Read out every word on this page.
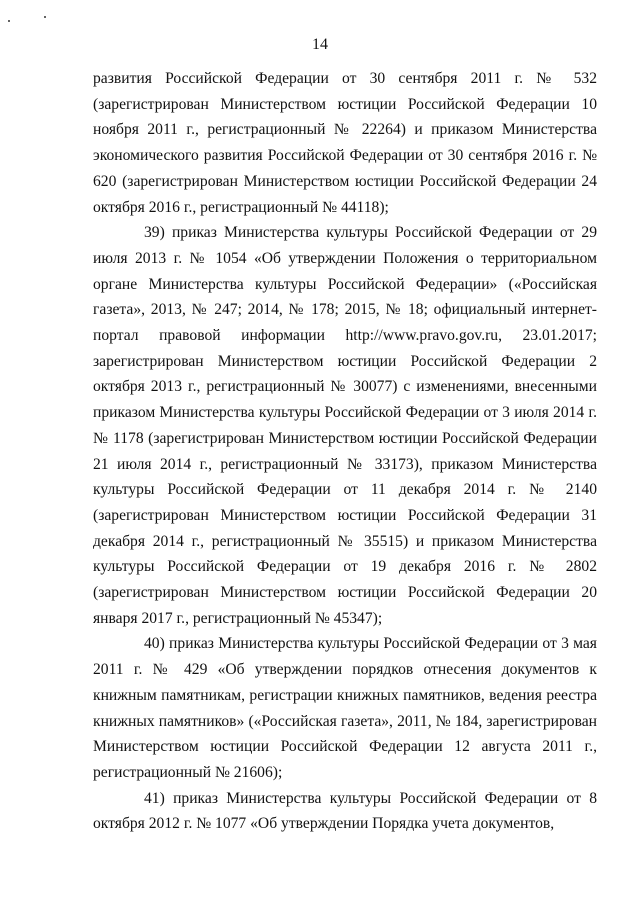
14

развития Российской Федерации от 30 сентября 2011 г. № 532 (зарегистрирован Министерством юстиции Российской Федерации 10 ноября 2011 г., регистрационный № 22264) и приказом Министерства экономического развития Российской Федерации от 30 сентября 2016 г. № 620 (зарегистрирован Министерством юстиции Российской Федерации 24 октября 2016 г., регистрационный № 44118);

39) приказ Министерства культуры Российской Федерации от 29 июля 2013 г. № 1054 «Об утверждении Положения о территориальном органе Министерства культуры Российской Федерации» («Российская газета», 2013, № 247; 2014, № 178; 2015, № 18; официальный интернет-портал правовой информации http://www.pravo.gov.ru, 23.01.2017; зарегистрирован Министерством юстиции Российской Федерации 2 октября 2013 г., регистрационный № 30077) с изменениями, внесенными приказом Министерства культуры Российской Федерации от 3 июля 2014 г. № 1178 (зарегистрирован Министерством юстиции Российской Федерации 21 июля 2014 г., регистрационный № 33173), приказом Министерства культуры Российской Федерации от 11 декабря 2014 г. № 2140 (зарегистрирован Министерством юстиции Российской Федерации 31 декабря 2014 г., регистрационный № 35515) и приказом Министерства культуры Российской Федерации от 19 декабря 2016 г. № 2802 (зарегистрирован Министерством юстиции Российской Федерации 20 января 2017 г., регистрационный № 45347);

40) приказ Министерства культуры Российской Федерации от 3 мая 2011 г. № 429 «Об утверждении порядков отнесения документов к книжным памятникам, регистрации книжных памятников, ведения реестра книжных памятников» («Российская газета», 2011, № 184, зарегистрирован Министерством юстиции Российской Федерации 12 августа 2011 г., регистрационный № 21606);

41) приказ Министерства культуры Российской Федерации от 8 октября 2012 г. № 1077 «Об утверждении Порядка учета документов,
